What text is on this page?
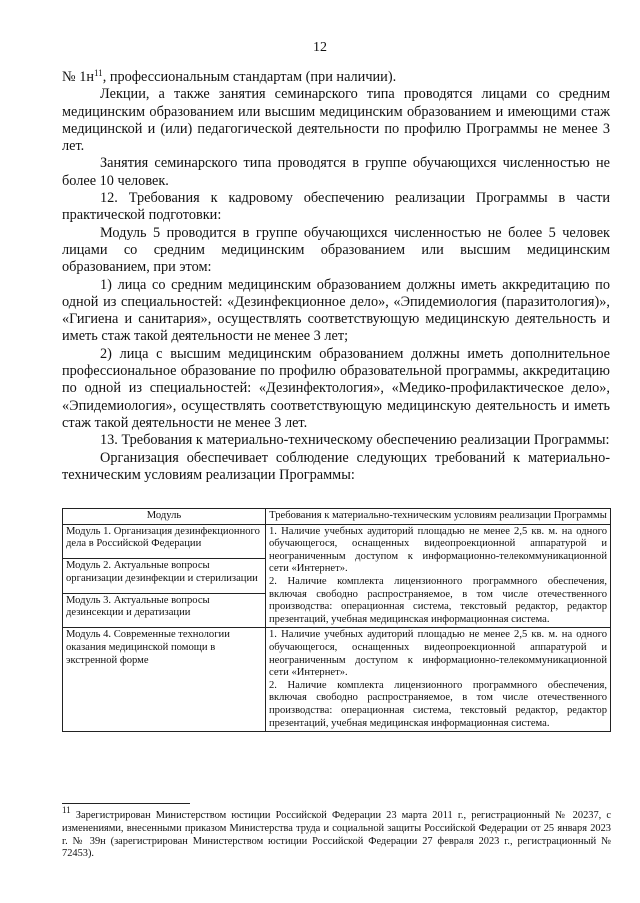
12

№ $1н^{11}$, профессиональным стандартам (при наличии).

Лекции, а также занятия семинарского типа проводятся лицами со средним медицинским образованием или высшим медицинским образованием и имеющими стаж медицинской и (или) педагогической деятельности по профилю Программы не менее 3 лет.

Занятия семинарского типа проводятся в группе обучающихся численностью не более 10 человек.

12. Требования к кадровому обеспечению реализации Программы в части практической подготовки:

Модуль 5 проводится в группе обучающихся численностью не более 5 человек лицами со средним медицинским образованием или высшим медицинским образованием, при этом:

1) лица со средним медицинским образованием должны иметь аккредитацию по одной из специальностей: «Дезинфекционное дело», «Эпидемиология (паразитология)», «Гигиена и санитария», осуществлять соответствующую медицинскую деятельность и иметь стаж такой деятельности не менее 3 лет;

2) лица с высшим медицинским образованием должны иметь дополнительное профессиональное образование по профилю образовательной программы, аккредитацию по одной из специальностей: «Дезинфектология», «Медико-профилактическое дело», «Эпидемиология», осуществлять соответствующую медицинскую деятельность и иметь стаж такой деятельности не менее 3 лет.

13. Требования к материально-техническому обеспечению реализации Программы:

Организация обеспечивает соблюдение следующих требований к материально-техническим условиям реализации Программы:

Модуль	Требования к материально-техническим условиям реализации Программы
Модуль 1. Организация дезинфекционного дела в Российской Федерации	1. Наличие учебных аудиторий площадью не менее 2,5 кв. м. на одного обучающегося, оснащенных видеопроекционной аппаратурой и неограниченным доступом к информационно-телекоммуникационной сети «Интернет».

2. Наличие комплекта лицензионного программного обеспечения, включая свободно распространяемое, в том числе отечественного производства: операционная система, текстовый редактор, редактор презентаций, учебная медицинская информационная система.

Модуль 2. Актуальные вопросы организации дезинфекции и стерилизации	
Модуль 3. Актуальные вопросы дезинсекции и дератизации	
Модуль 4. Современные технологии оказания медицинской помощи в экстренной форме	1. Наличие учебных аудиторий площадью не менее 2,5 кв. м. на одного обучающегося, оснащенных видеопроекционной аппаратурой и неограниченным доступом к информационно-телекоммуникационной сети «Интернет».

2. Наличие комплекта лицензионного программного обеспечения, включая свободно распространяемое, в том числе отечественного производства: операционная система, текстовый редактор, редактор презентаций, учебная медицинская информационная система.

$^{11}$ Зарегистрирован Министерством юстиции Российской Федерации 23 марта 2011 г., регистрационный № 20237, с изменениями, внесенными приказом Министерства труда и социальной защиты Российской Федерации от 25 января 2023 г. № 39н (зарегистрирован Министерством юстиции Российской Федерации 27 февраля 2023 г., регистрационный № 72453).
